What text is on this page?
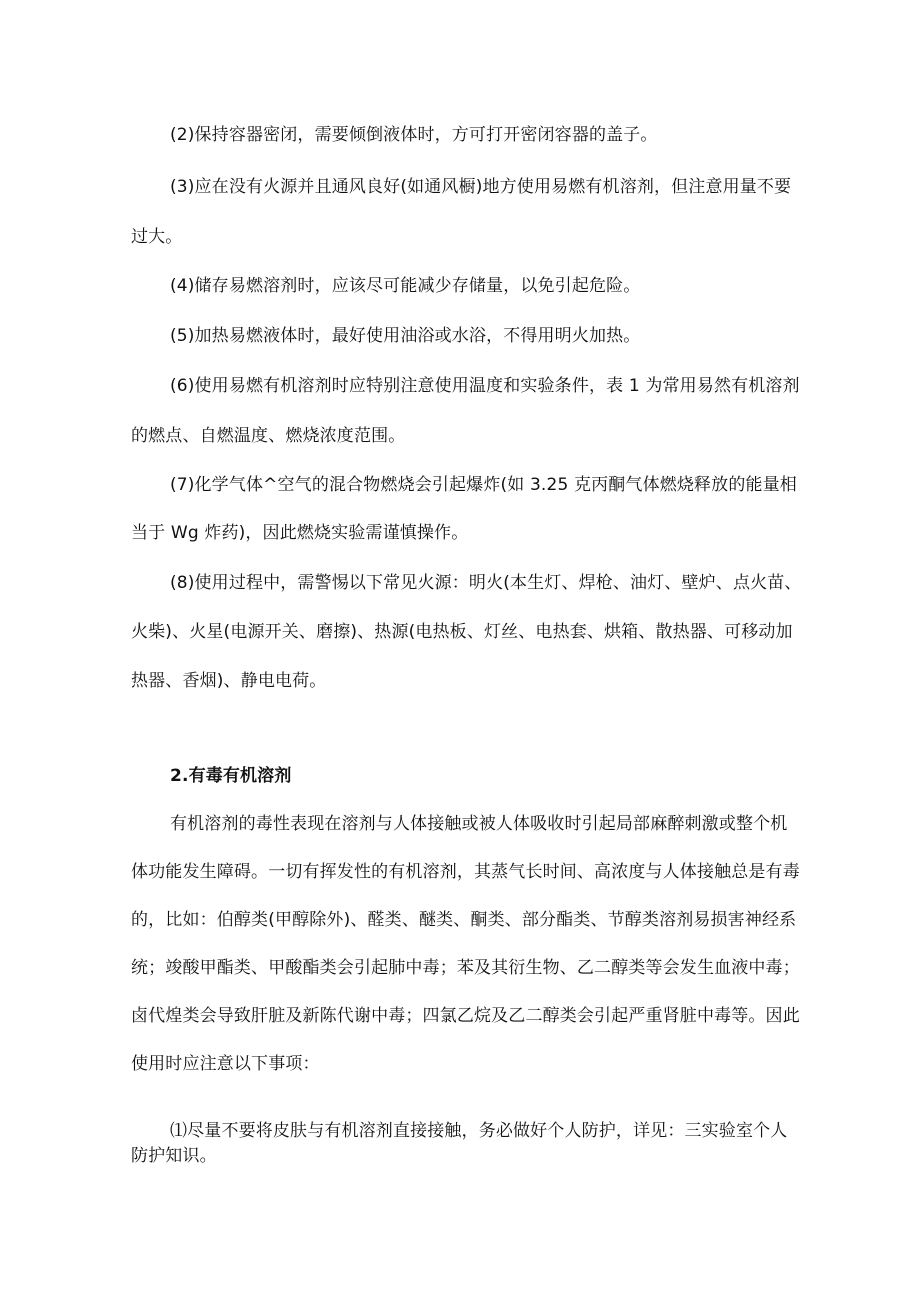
(2)保持容器密闭，需要倾倒液体时，方可打开密闭容器的盖子。
(3)应在没有火源并且通风良好(如通风橱)地方使用易燃有机溶剂，但注意用量不要
过大。
(4)储存易燃溶剂时，应该尽可能减少存储量，以免引起危险。
(5)加热易燃液体时，最好使用油浴或水浴，不得用明火加热。
(6)使用易燃有机溶剂时应特别注意使用温度和实验条件，表 1 为常用易然有机溶剂
的燃点、自燃温度、燃烧浓度范围。
(7)化学气体^空气的混合物燃烧会引起爆炸(如 3.25 克丙酮气体燃烧释放的能量相
当于 Wg 炸药)，因此燃烧实验需谨慎操作。
(8)使用过程中，需警惕以下常见火源：明火(本生灯、焊枪、油灯、壁炉、点火苗、
火柴)、火星(电源开关、磨擦)、热源(电热板、灯丝、电热套、烘箱、散热器、可移动加
热器、香烟)、静电电荷。
2.有毒有机溶剂
有机溶剂的毒性表现在溶剂与人体接触或被人体吸收时引起局部麻醉刺激或整个机
体功能发生障碍。一切有挥发性的有机溶剂，其蒸气长时间、高浓度与人体接触总是有毒
的，比如：伯醇类(甲醇除外)、醛类、醚类、酮类、部分酯类、节醇类溶剂易损害神经系
统；竣酸甲酯类、甲酸酯类会引起肺中毒；苯及其衍生物、乙二醇类等会发生血液中毒；
卤代煌类会导致肝脏及新陈代谢中毒；四氯乙烷及乙二醇类会引起严重肾脏中毒等。因此
使用时应注意以下事项：
⑴尽量不要将皮肤与有机溶剂直接接触，务必做好个人防护，详见：三实验室个人
防护知识。
